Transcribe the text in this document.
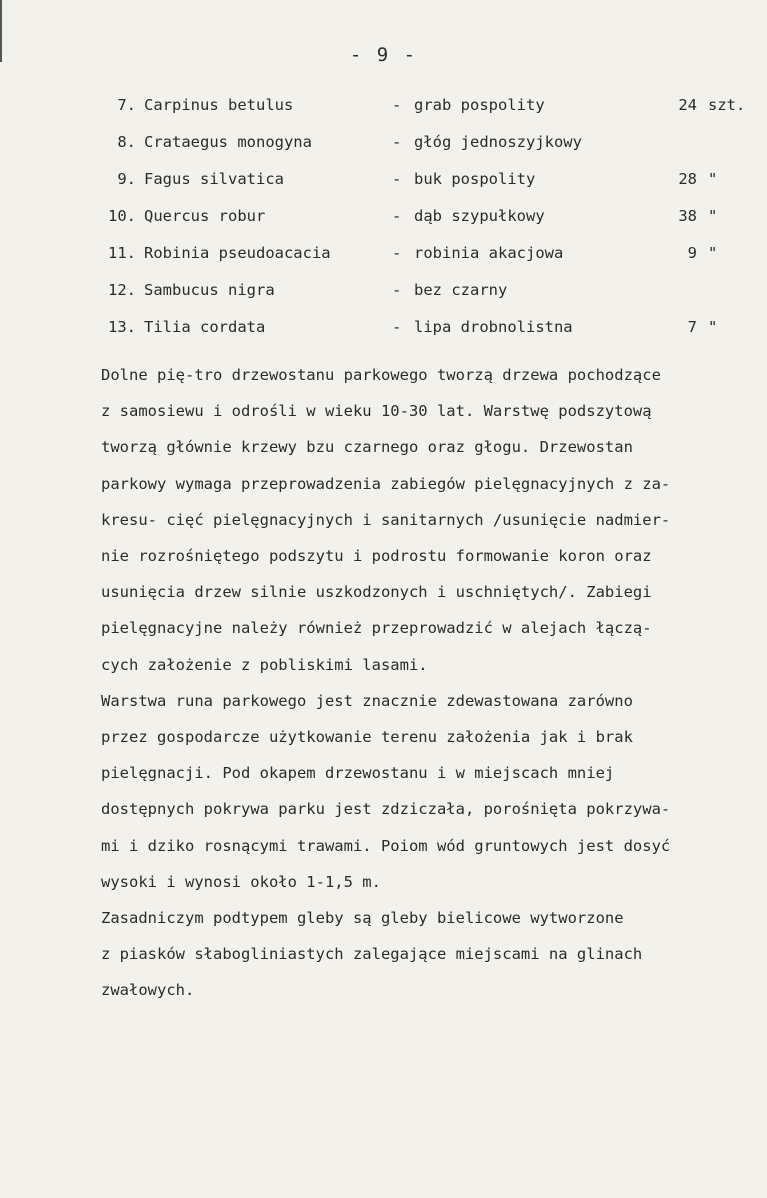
- 9 -
7. Carpinus betulus	- grab pospolity	24 szt.
8. Crataegus monogyna	- głóg jednoszyjkowy
9. Fagus silvatica	- buk pospolity	28 "
10. Quercus robur	- dąb szypułkowy	38 "
11. Robinia pseudoacacia	- robinia akacjowa	9 "
12. Sambucus nigra	- bez czarny
13. Tilia cordata	- lipa drobnolistna	7 "

Dolne pię-tro drzewostanu parkowego tworzą drzewa pochodzące
z samosiewu i odrośli w wieku 10-30 lat. Warstwę podszytową
tworzą głównie krzewy bzu czarnego oraz głogu. Drzewostan
parkowy wymaga przeprowadzenia zabiegów pielęgnacyjnych z za-
kresu- cięć pielęgnacyjnych i sanitarnych /usunięcie nadmier-
nie rozrośniętego podszytu i podrostu formowanie koron oraz
usunięcia drzew silnie uszkodzonych i uschniętych/. Zabiegi
pielęgnacyjne należy również przeprowadzić w alejach łączą-
cych założenie z pobliskimi lasami.

Warstwa runa parkowego jest znacznie zdewastowana zarówno
przez gospodarcze użytkowanie terenu założenia jak i brak
pielęgnacji. Pod okapem drzewostanu i w miejscach mniej
dostępnych pokrywa parku jest zdziczała, porośnięta pokrzywa-
mi i dziko rosnącymi trawami. Poiom wód gruntowych jest dosyć
wysoki i wynosi około 1-1,5 m.

Zasadniczym podtypem gleby są gleby bielicowe wytworzone
z piasków słabogliniastych zalegające miejscami na glinach
zwałowych.
